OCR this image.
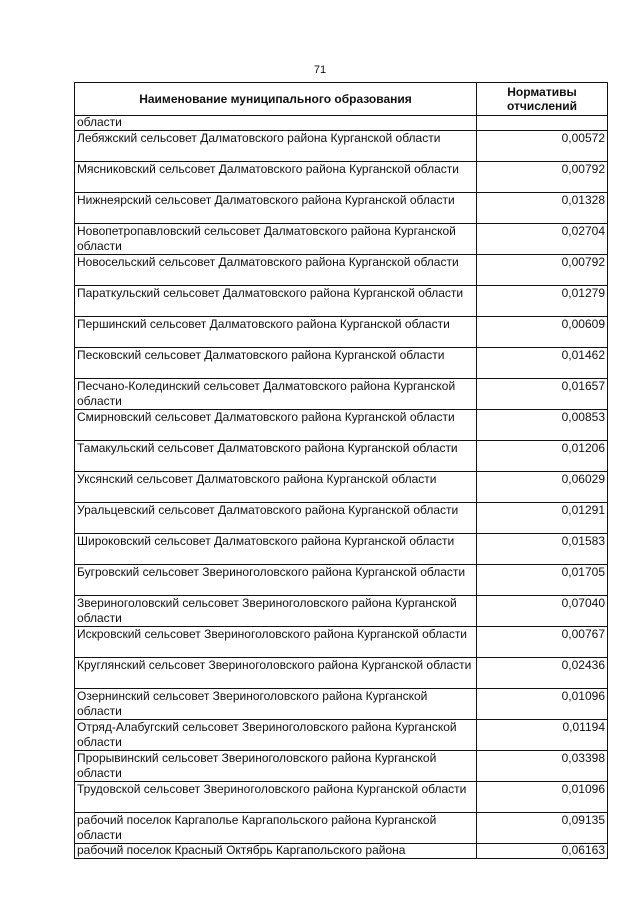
71
Наименование муниципального образования	Нормативы отчислений
области	
Лебяжский сельсовет Далматовского района Курганской области	0,00572
Мясниковский сельсовет Далматовского района Курганской области	0,00792
Нижнеярский сельсовет Далматовского района Курганской области	0,01328
Новопетропавловский сельсовет Далматовского района Курганской области	0,02704
Новосельский сельсовет Далматовского района Курганской области	0,00792
Параткульский сельсовет Далматовского района Курганской области	0,01279
Першинский сельсовет Далматовского района Курганской области	0,00609
Песковский сельсовет Далматовского района Курганской области	0,01462
Песчано-Колединский сельсовет Далматовского района Курганской области	0,01657
Смирновский сельсовет Далматовского района Курганской области	0,00853
Тамакульский сельсовет Далматовского района Курганской области	0,01206
Уксянский сельсовет Далматовского района Курганской области	0,06029
Уральцевский сельсовет Далматовского района Курганской области	0,01291
Широковский сельсовет Далматовского района Курганской области	0,01583
Бугровский сельсовет Звериноголовского района Курганской области	0,01705
Звериноголовский сельсовет Звериноголовского района Курганской области	0,07040
Искровский сельсовет Звериноголовского района Курганской области	0,00767
Круглянский сельсовет Звериноголовского района Курганской области	0,02436
Озернинский сельсовет Звериноголовского района Курганской области	0,01096
Отряд-Алабугский сельсовет Звериноголовского района Курганской области	0,01194
Прорывинский сельсовет Звериноголовского района Курганской области	0,03398
Трудовской сельсовет Звериноголовского района Курганской области	0,01096
рабочий поселок Каргаполье Каргапольского района Курганской области	0,09135
рабочий поселок Красный Октябрь Каргапольского района	0,06163
